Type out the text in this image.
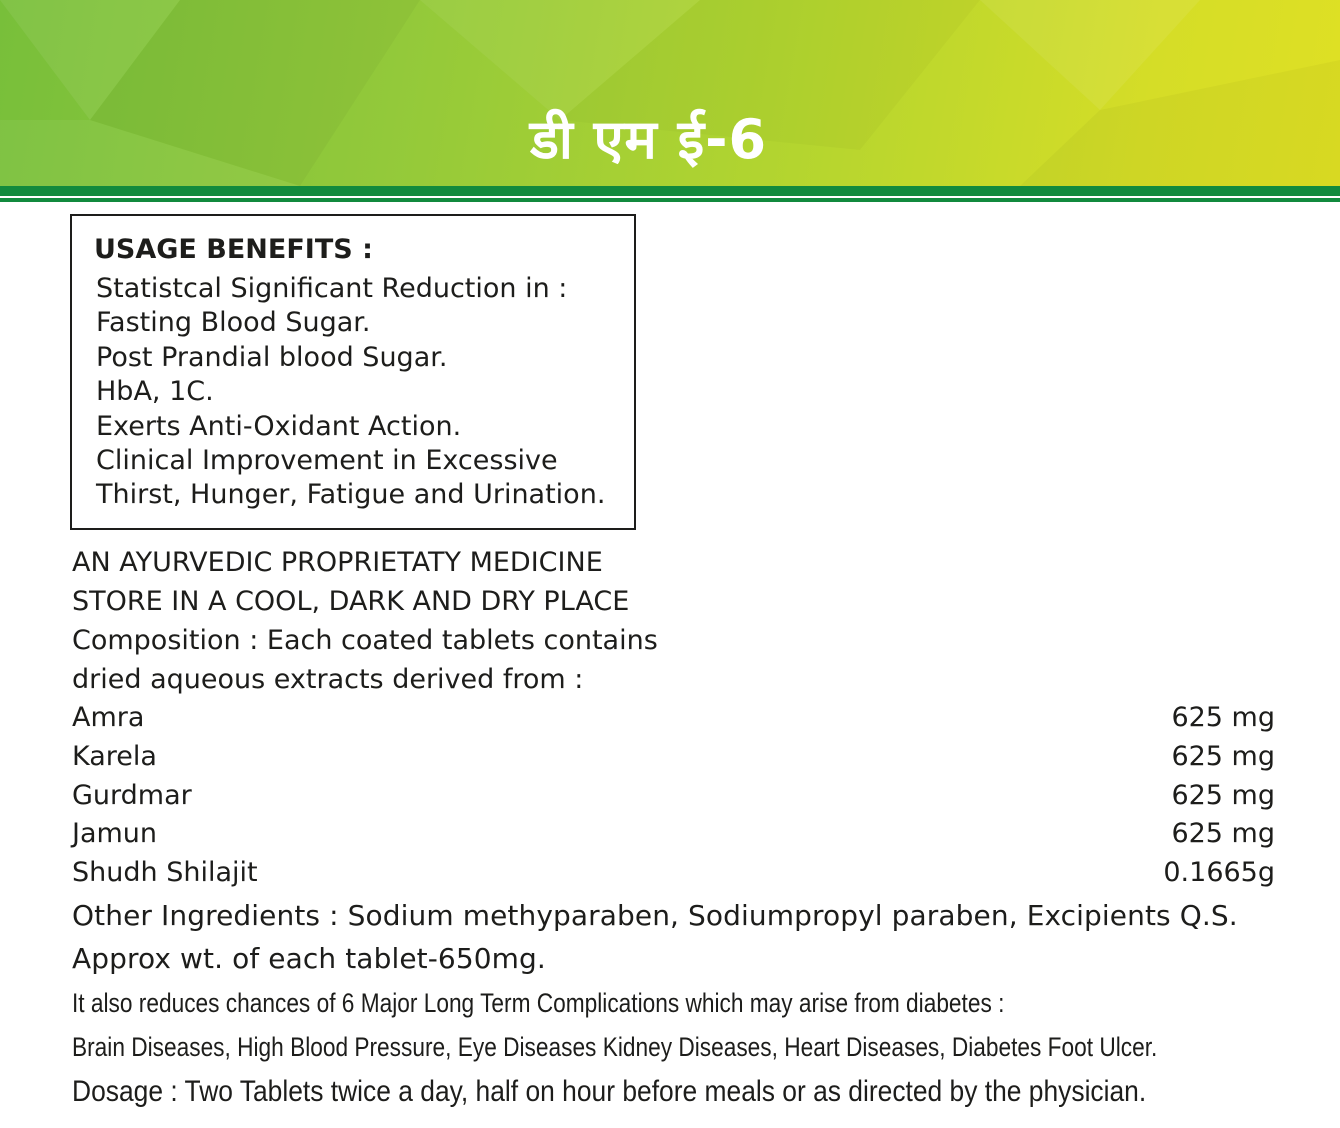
डी एम ई-6
USAGE BENEFITS :
Statistcal Significant Reduction in :
Fasting Blood Sugar.
Post Prandial blood Sugar.
HbA, 1C.
Exerts Anti-Oxidant Action.
Clinical Improvement in Excessive
Thirst, Hunger, Fatigue and Urination.
AN AYURVEDIC PROPRIETATY MEDICINE
STORE IN A COOL, DARK AND DRY PLACE
Composition : Each coated tablets contains
dried aqueous extracts derived from :
Amra	625 mg
Karela	625 mg
Gurdmar	625 mg
Jamun	625 mg
Shudh Shilajit	0.1665g
Other Ingredients : Sodium methyparaben, Sodiumpropyl paraben, Excipients Q.S.
Approx wt. of each tablet-650mg.
It also reduces chances of 6 Major Long Term Complications which may arise from diabetes :
Brain Diseases, High Blood Pressure, Eye Diseases Kidney Diseases, Heart Diseases, Diabetes Foot Ulcer.
Dosage : Two Tablets twice a day, half on hour before meals or as directed by the physician.
